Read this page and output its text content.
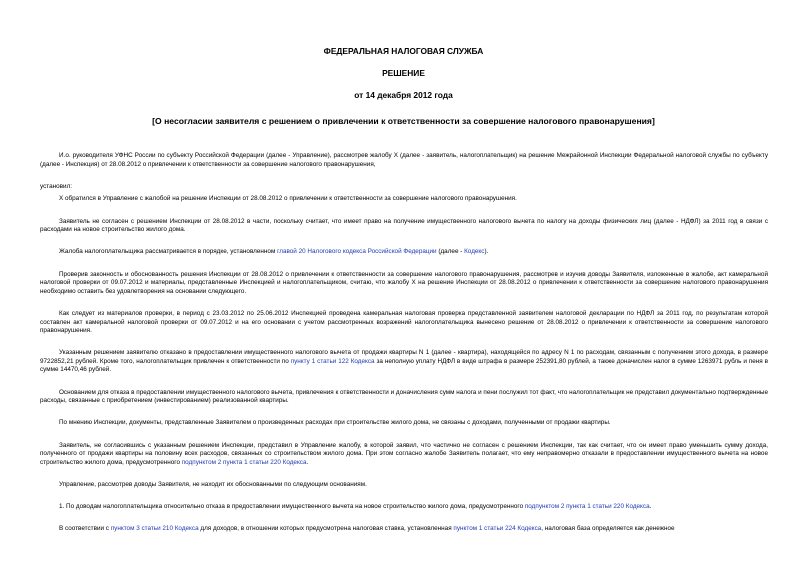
ФЕДЕРАЛЬНАЯ НАЛОГОВАЯ СЛУЖБА
РЕШЕНИЕ
от 14 декабря 2012 года
[О несогласии заявителя с решением о привлечении к ответственности за совершение налогового правонарушения]

И.о. руководителя УФНС России по субъекту Российской Федерации (далее - Управление), рассмотрев жалобу X (далее - заявитель, налогоплательщик) на решение Межрайонной Инспекции Федеральной налоговой службы по субъекту (далее - Инспекция) от 28.08.2012 о привлечении к ответственности за совершение налогового правонарушения,

установил:

X обратился в Управление с жалобой на решение Инспекции от 28.08.2012 о привлечении к ответственности за совершение налогового правонарушения.

Заявитель не согласен с решением Инспекции от 28.08.2012 в части, поскольку считает, что имеет право на получение имущественного налогового вычета по налогу на доходы физических лиц (далее - НДФЛ) за 2011 год в связи с расходами на новое строительство жилого дома.

Жалоба налогоплательщика рассматривается в порядке, установленном главой 20 Налогового кодекса Российской Федерации (далее - Кодекс).

Проверив законность и обоснованность решения Инспекции от 28.08.2012 о привлечении к ответственности за совершение налогового правонарушения, рассмотрев и изучив доводы Заявителя, изложенные в жалобе, акт камеральной налоговой проверки от 09.07.2012 и материалы, представленные Инспекцией и налогоплательщиком, считаю, что жалобу X на решение Инспекции от 28.08.2012 о привлечении к ответственности за совершение налогового правонарушения необходимо оставить без удовлетворения на основании следующего.

Как следует из материалов проверки, в период с 23.03.2012 по 25.06.2012 Инспекцией проведена камеральная налоговая проверка представленной заявителем налоговой декларации по НДФЛ за 2011 год, по результатам которой составлен акт камеральной налоговой проверки от 09.07.2012 и на его основании с учетом рассмотренных возражений налогоплательщика вынесено решение от 28.08.2012 о привлечении к ответственности за совершение налогового правонарушения.

Указанным решением заявителю отказано в предоставлении имущественного налогового вычета от продажи квартиры N 1 (далее - квартира), находящейся по адресу N 1 по расходам, связанным с получением этого дохода, в размере 9722852,21 рублей. Кроме того, налогоплательщик привлечен к ответственности по пункту 1 статьи 122 Кодекса за неполную уплату НДФЛ в виде штрафа в размере 252391,80 рублей, а также доначислен налог в сумме 1263971 рубль и пеня в сумме 14470,46 рублей.

Основанием для отказа в предоставлении имущественного налогового вычета, привлечения к ответственности и доначисления сумм налога и пени послужил тот факт, что налогоплательщик не представил документально подтвержденные расходы, связанные с приобретением (инвестированием) реализованной квартиры.

По мнению Инспекции, документы, представленные Заявителем о произведенных расходах при строительстве жилого дома, не связаны с доходами, полученными от продажи квартиры.

Заявитель, не согласившись с указанным решением Инспекции, представил в Управление жалобу, в которой заявил, что частично не согласен с решением Инспекции, так как считает, что он имеет право уменьшить сумму дохода, полученного от продажи квартиры на половину всех расходов, связанных со строительством жилого дома. При этом согласно жалобе Заявитель полагает, что ему неправомерно отказали в предоставлении имущественного вычета на новое строительство жилого дома, предусмотренного подпунктом 2 пункта 1 статьи 220 Кодекса.

Управление, рассмотрев доводы Заявителя, не находит их обоснованными по следующим основаниям.

1. По доводам налогоплательщика относительно отказа в предоставлении имущественного вычета на новое строительство жилого дома, предусмотренного подпунктом 2 пункта 1 статьи 220 Кодекса.

В соответствии с пунктом 3 статьи 210 Кодекса для доходов, в отношении которых предусмотрена налоговая ставка, установленная пунктом 1 статьи 224 Кодекса, налоговая база определяется как денежное
